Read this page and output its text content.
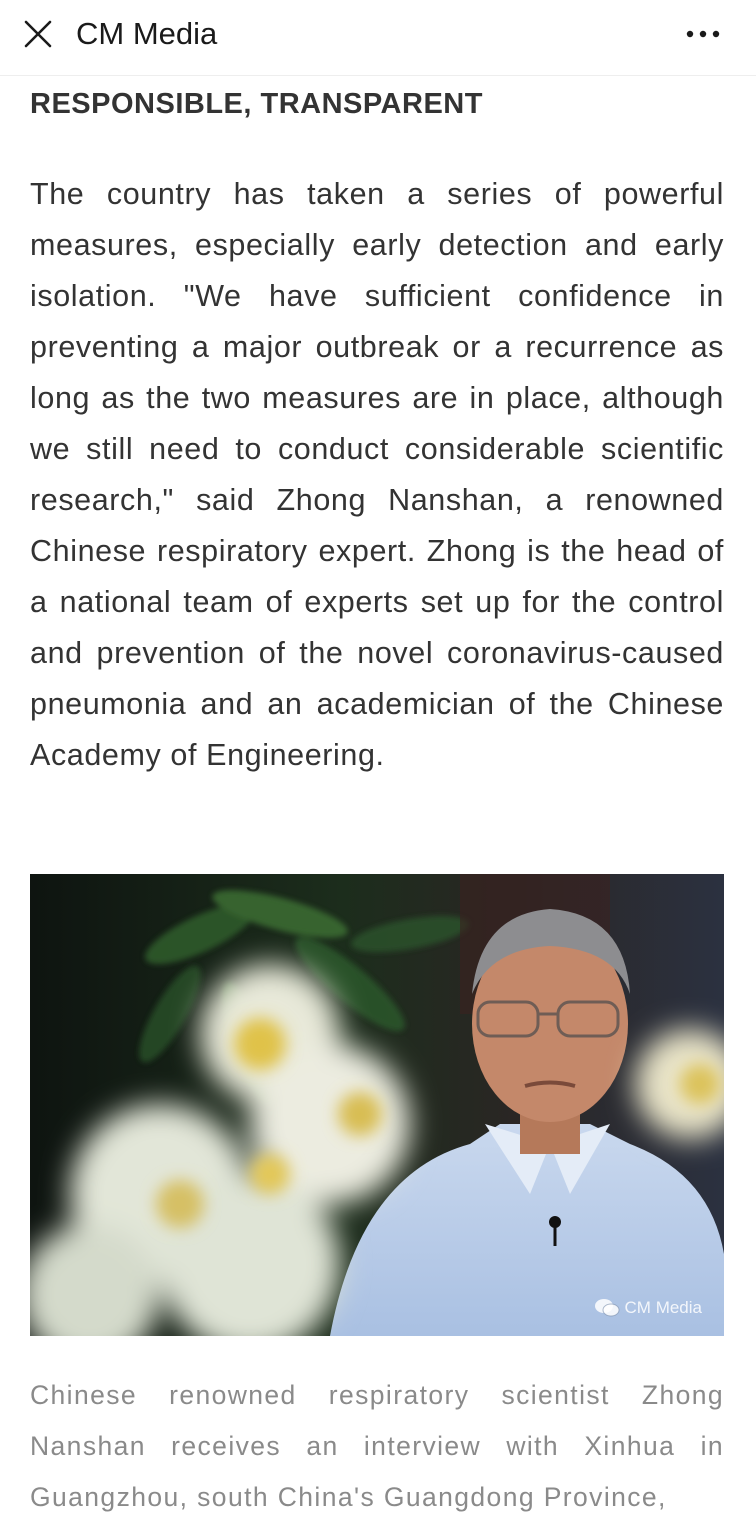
CM Media
RESPONSIBLE, TRANSPARENT

The country has taken a series of powerful measures, especially early detection and early isolation. "We have sufficient confidence in preventing a major outbreak or a recurrence as long as the two measures are in place, although we still need to conduct considerable scientific research," said Zhong Nanshan, a renowned Chinese respiratory expert. Zhong is the head of a national team of experts set up for the control and prevention of the novel coronavirus-caused pneumonia and an academician of the Chinese Academy of Engineering.

CM Media

Chinese renowned respiratory scientist Zhong Nanshan receives an interview with Xinhua in Guangzhou, south China's Guangdong Province,
